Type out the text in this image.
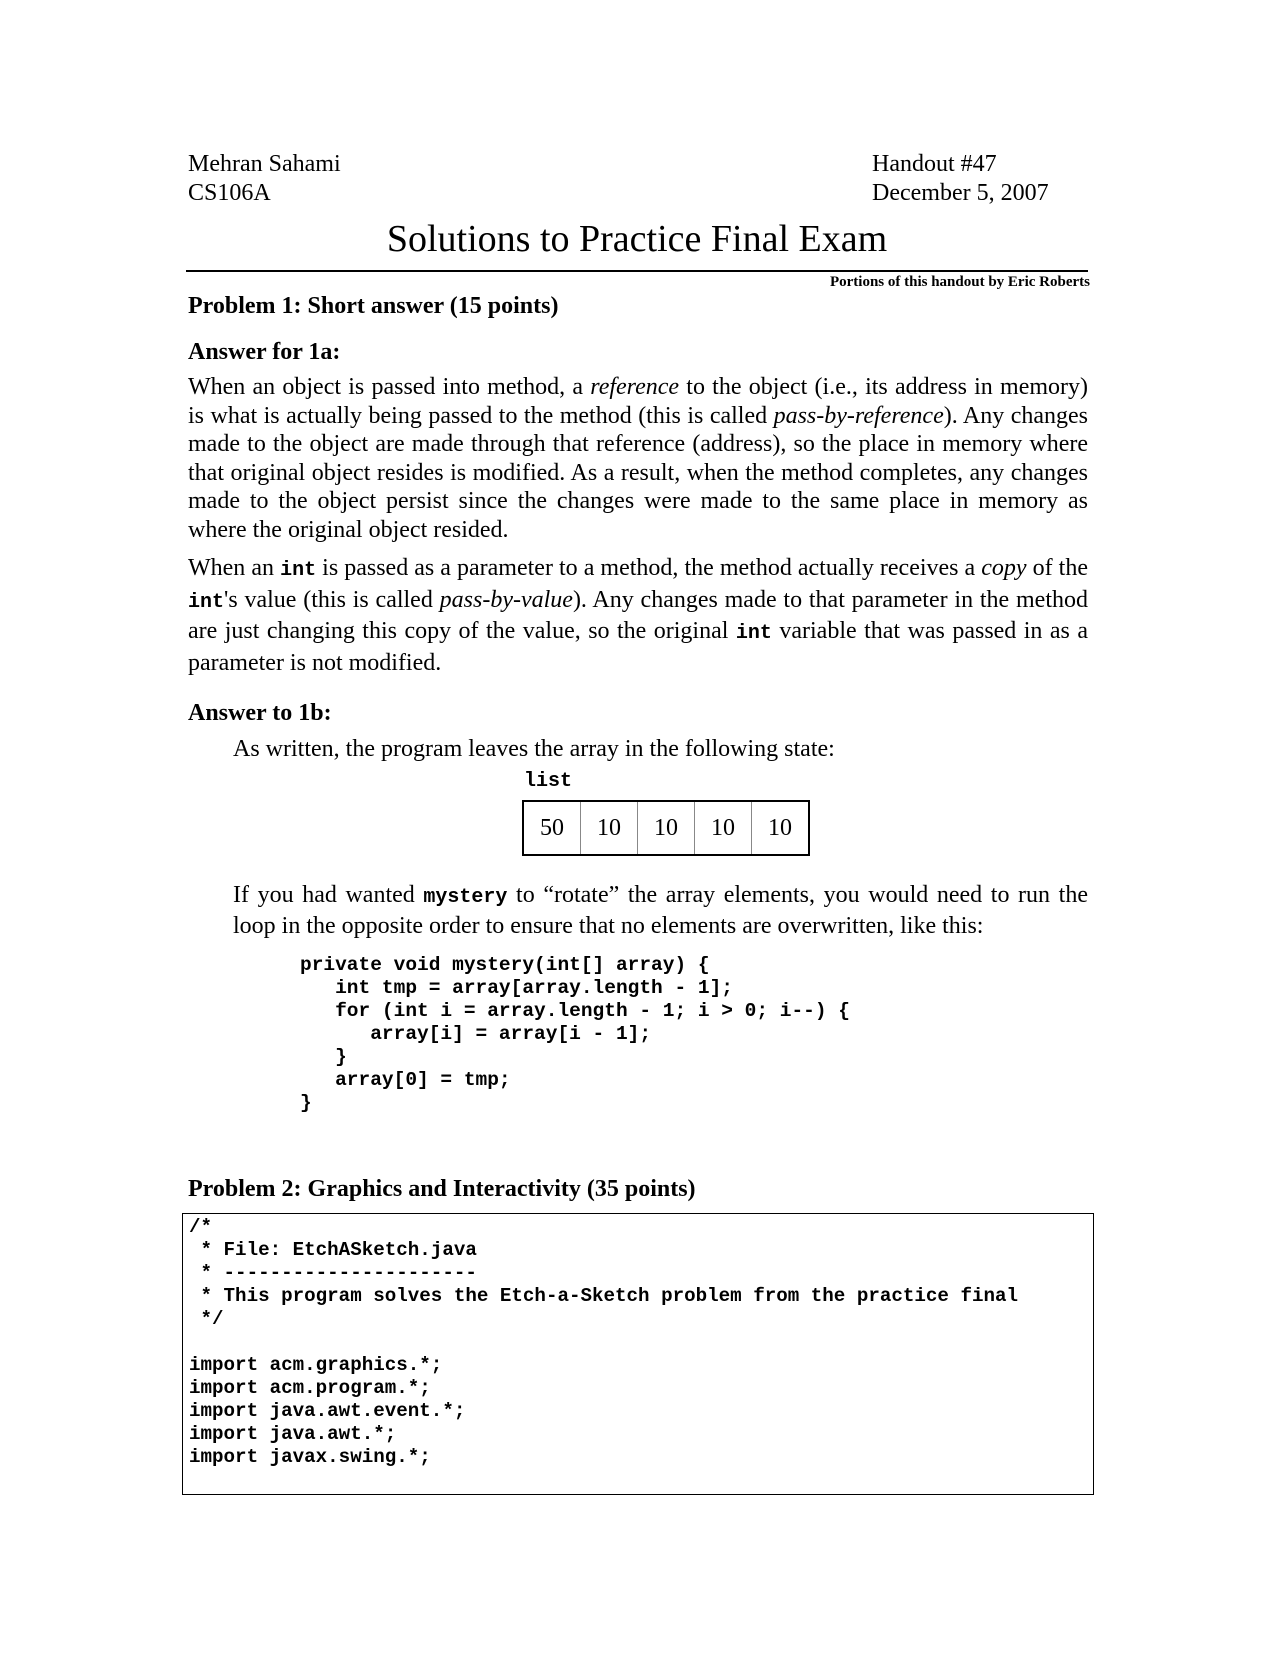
Mehran Sahami
CS106A
Handout #47
December 5, 2007
Solutions to Practice Final Exam
Portions of this handout by Eric Roberts
Problem 1: Short answer (15 points)
Answer for 1a:
When an object is passed into method, a reference to the object (i.e., its address in memory) is what is actually being passed to the method (this is called pass-by-reference). Any changes made to the object are made through that reference (address), so the place in memory where that original object resides is modified. As a result, when the method completes, any changes made to the object persist since the changes were made to the same place in memory as where the original object resided.
When an int is passed as a parameter to a method, the method actually receives a copy of the int's value (this is called pass-by-value). Any changes made to that parameter in the method are just changing this copy of the value, so the original int variable that was passed in as a parameter is not modified.
Answer to 1b:
As written, the program leaves the array in the following state:
list
50	10	10	10	10
If you had wanted mystery to “rotate” the array elements, you would need to run the loop in the opposite order to ensure that no elements are overwritten, like this:
private void mystery(int[] array) {
int tmp = array[array.length - 1];
for (int i = array.length - 1; i > 0; i--) {
array[i] = array[i - 1];
}
array[0] = tmp;
}
Problem 2: Graphics and Interactivity (35 points)
/*
* File: EtchASketch.java
* ----------------------
* This program solves the Etch-a-Sketch problem from the practice final
*/

import acm.graphics.*;
import acm.program.*;
import java.awt.event.*;
import java.awt.*;
import javax.swing.*;
